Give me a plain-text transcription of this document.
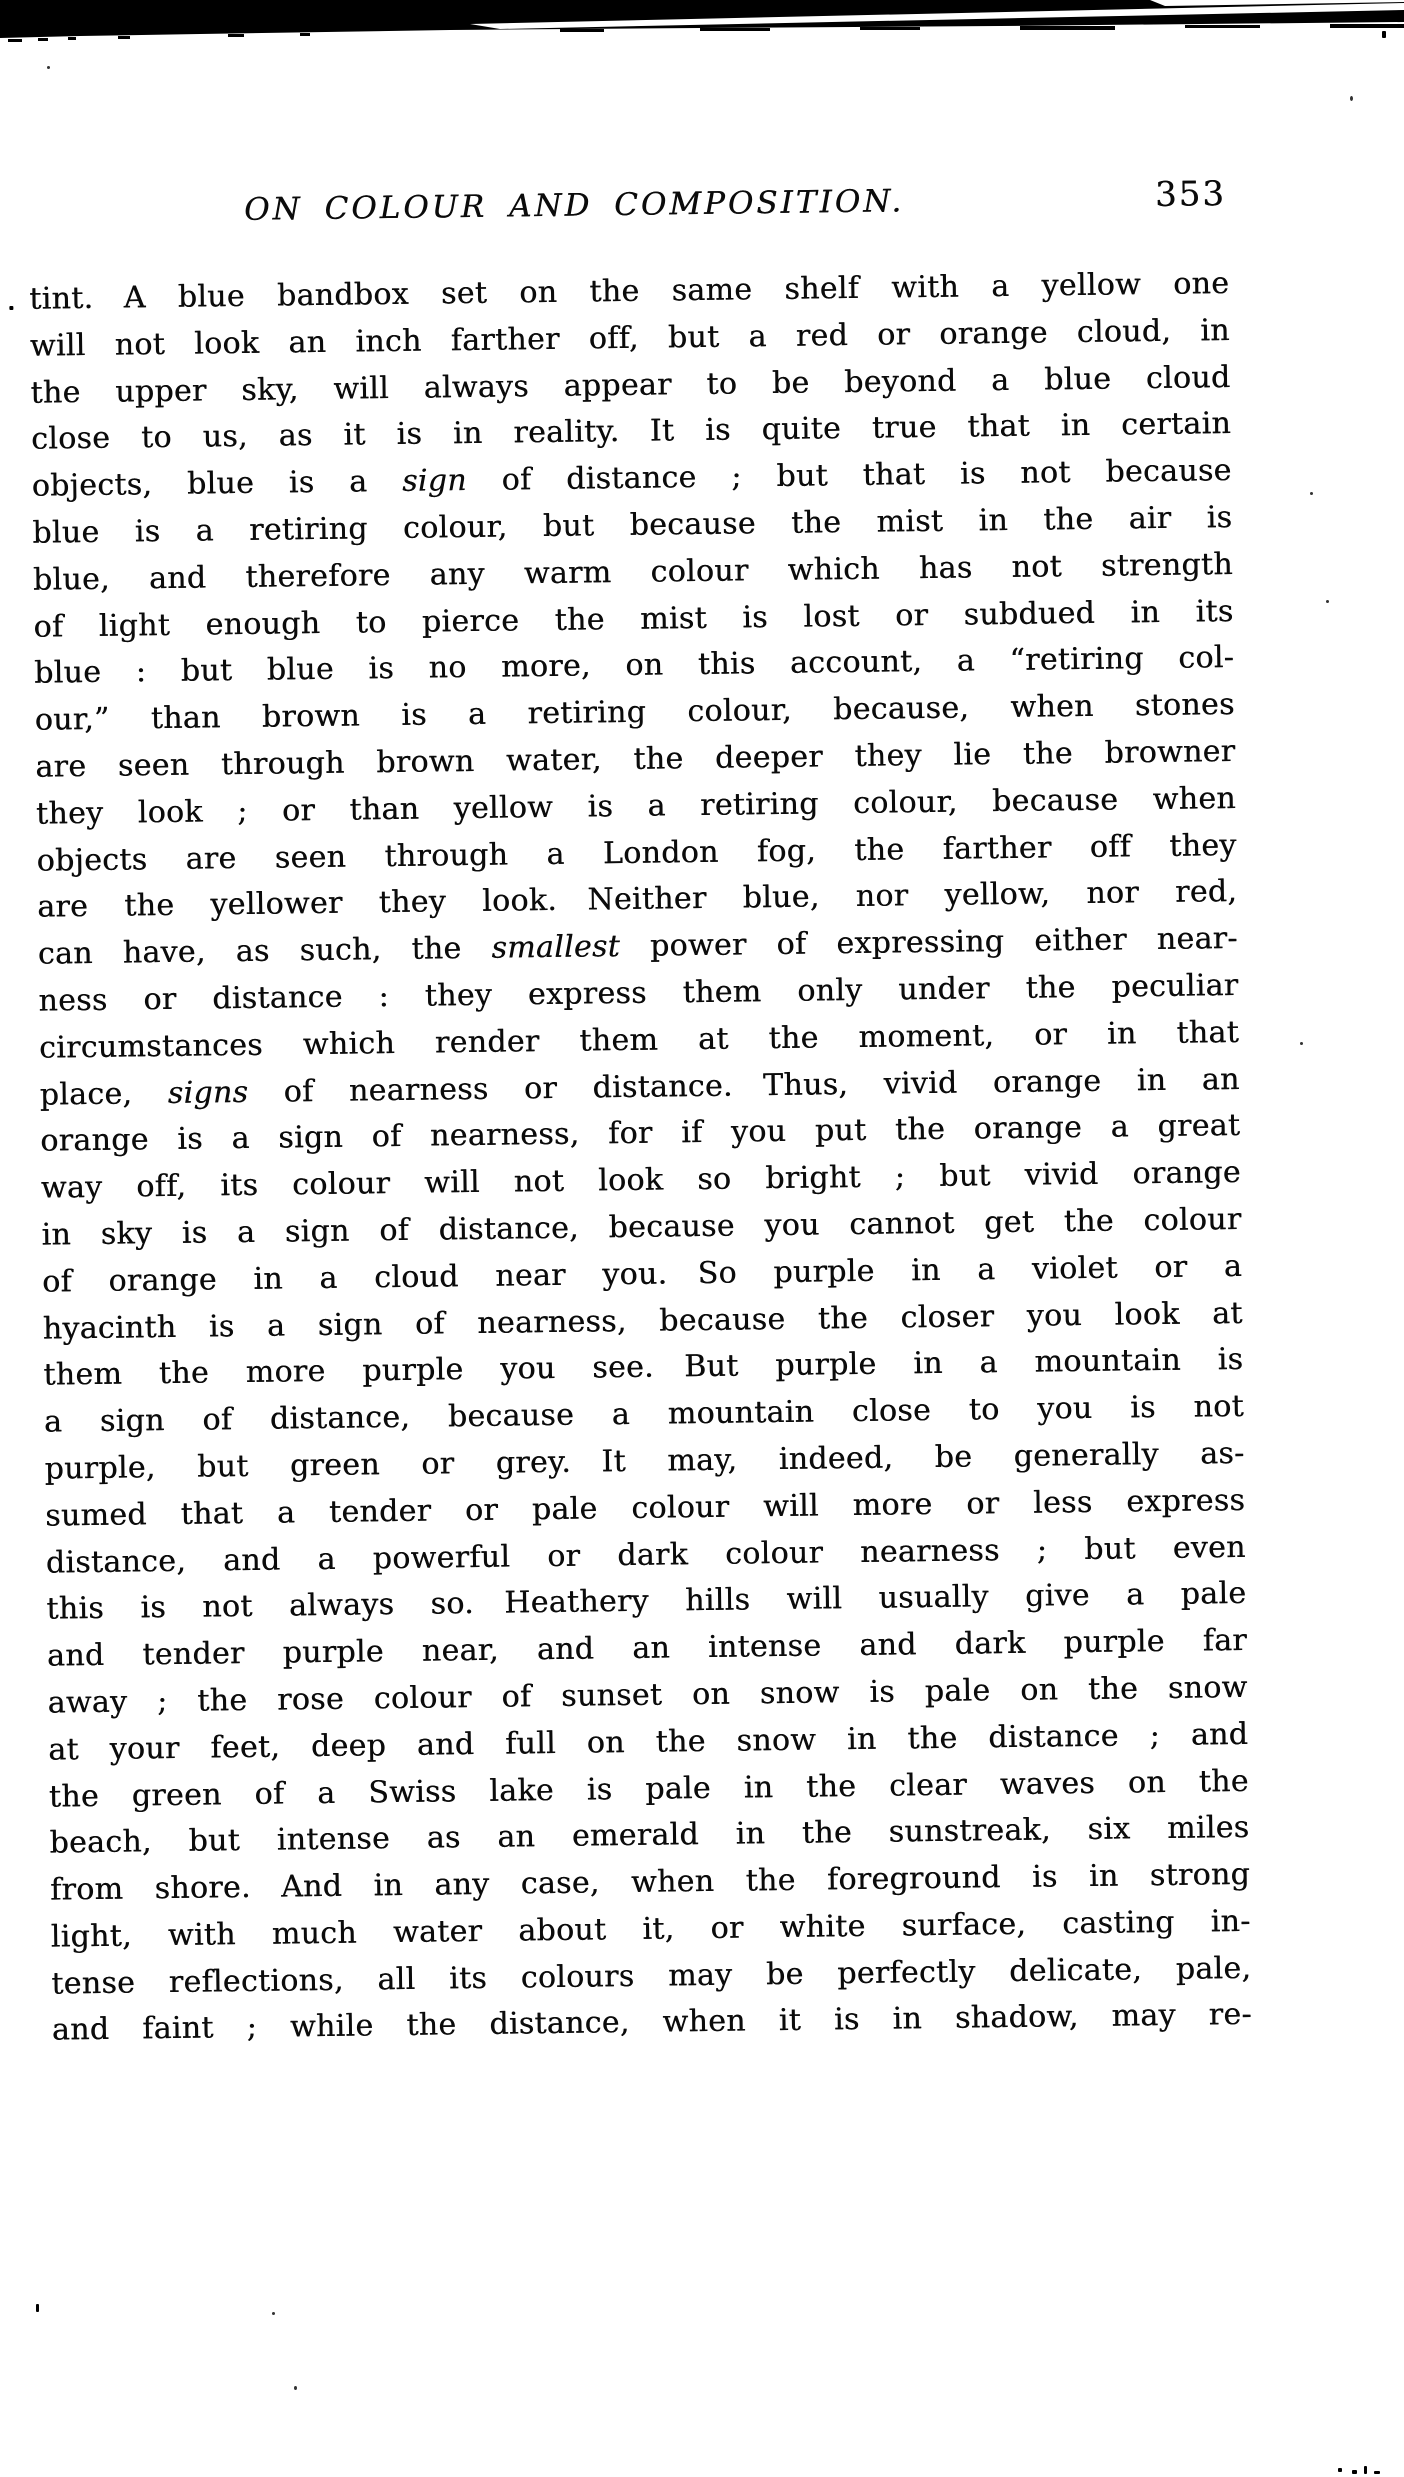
ON COLOUR AND COMPOSITION.	353
tint. A blue bandbox set on the same shelf with a yellow one
will not look an inch farther off, but a red or orange cloud, in
the upper sky, will always appear to be beyond a blue cloud
close to us, as it is in reality. It is quite true that in certain
objects, blue is a sign of distance ; but that is not because
blue is a retiring colour, but because the mist in the air is
blue, and therefore any warm colour which has not strength
of light enough to pierce the mist is lost or subdued in its
blue : but blue is no more, on this account, a “retiring col-
our,” than brown is a retiring colour, because, when stones
are seen through brown water, the deeper they lie the browner
they look ; or than yellow is a retiring colour, because when
objects are seen through a London fog, the farther off they
are the yellower they look. Neither blue, nor yellow, nor red,
can have, as such, the smallest power of expressing either near-
ness or distance : they express them only under the peculiar
circumstances which render them at the moment, or in that
place, signs of nearness or distance. Thus, vivid orange in an
orange is a sign of nearness, for if you put the orange a great
way off, its colour will not look so bright ; but vivid orange
in sky is a sign of distance, because you cannot get the colour
of orange in a cloud near you. So purple in a violet or a
hyacinth is a sign of nearness, because the closer you look at
them the more purple you see. But purple in a mountain is
a sign of distance, because a mountain close to you is not
purple, but green or grey. It may, indeed, be generally as-
sumed that a tender or pale colour will more or less express
distance, and a powerful or dark colour nearness ; but even
this is not always so. Heathery hills will usually give a pale
and tender purple near, and an intense and dark purple far
away ; the rose colour of sunset on snow is pale on the snow
at your feet, deep and full on the snow in the distance ; and
the green of a Swiss lake is pale in the clear waves on the
beach, but intense as an emerald in the sunstreak, six miles
from shore. And in any case, when the foreground is in strong
light, with much water about it, or white surface, casting in-
tense reflections, all its colours may be perfectly delicate, pale,
and faint ; while the distance, when it is in shadow, may re-
